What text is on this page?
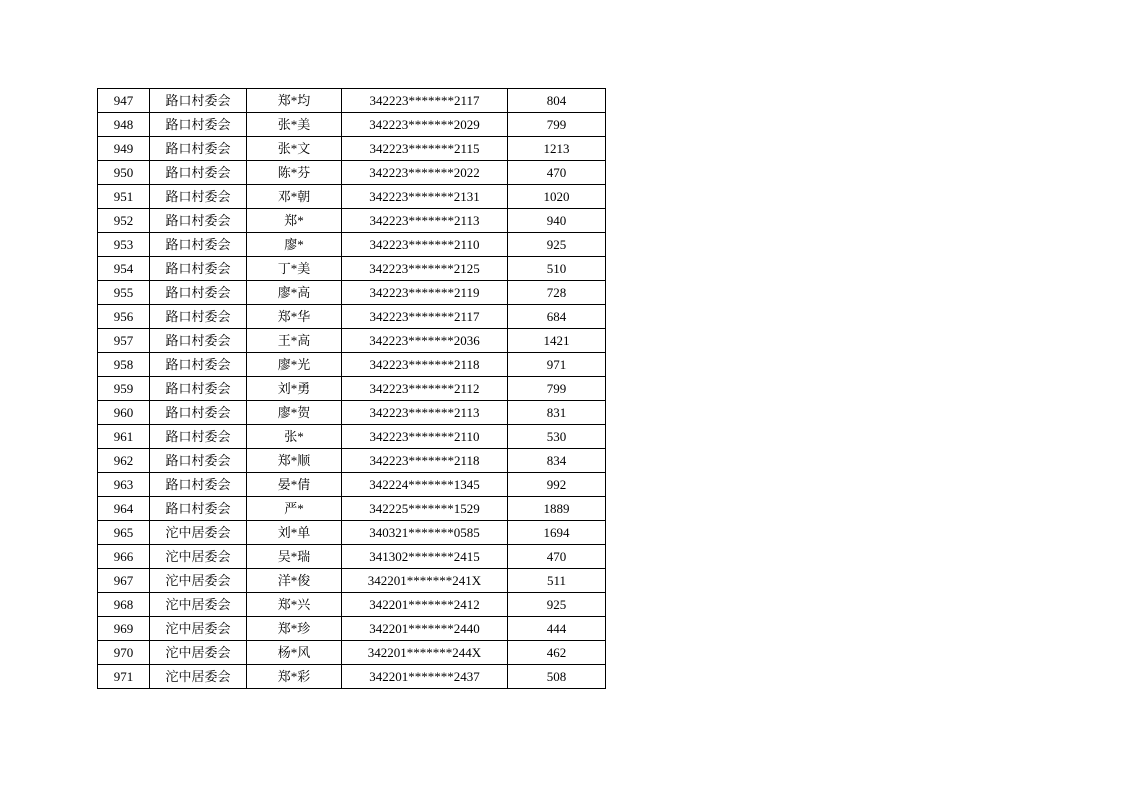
947	路口村委会	郑*均	342223*******2117	804
948	路口村委会	张*美	342223*******2029	799
949	路口村委会	张*文	342223*******2115	1213
950	路口村委会	陈*芬	342223*******2022	470
951	路口村委会	邓*朝	342223*******2131	1020
952	路口村委会	郑*	342223*******2113	940
953	路口村委会	廖*	342223*******2110	925
954	路口村委会	丁*美	342223*******2125	510
955	路口村委会	廖*高	342223*******2119	728
956	路口村委会	郑*华	342223*******2117	684
957	路口村委会	王*高	342223*******2036	1421
958	路口村委会	廖*光	342223*******2118	971
959	路口村委会	刘*勇	342223*******2112	799
960	路口村委会	廖*贺	342223*******2113	831
961	路口村委会	张*	342223*******2110	530
962	路口村委会	郑*顺	342223*******2118	834
963	路口村委会	晏*倩	342224*******1345	992
964	路口村委会	严*	342225*******1529	1889
965	沱中居委会	刘*单	340321*******0585	1694
966	沱中居委会	吴*瑞	341302*******2415	470
967	沱中居委会	洋*俊	342201*******241X	511
968	沱中居委会	郑*兴	342201*******2412	925
969	沱中居委会	郑*珍	342201*******2440	444
970	沱中居委会	杨*风	342201*******244X	462
971	沱中居委会	郑*彩	342201*******2437	508
